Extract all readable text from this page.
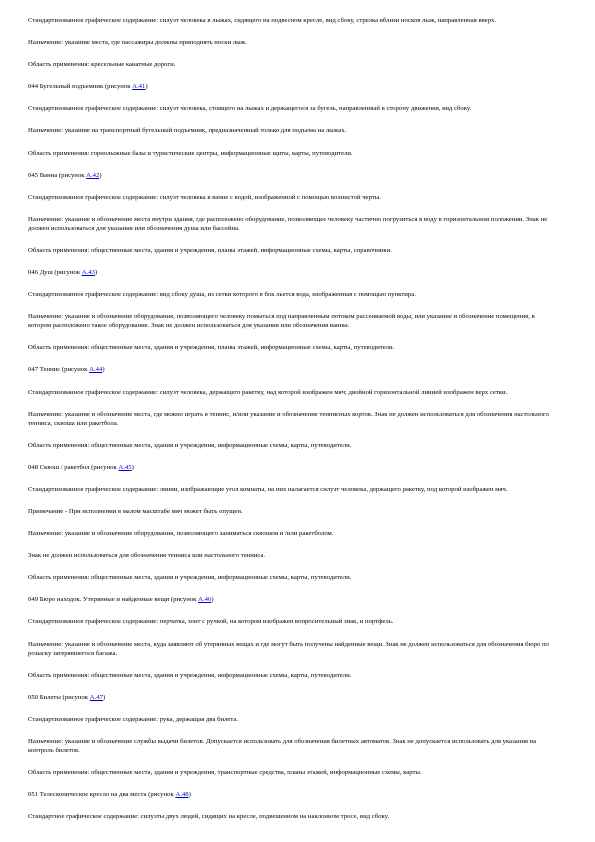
Стандартизованное графическое содержание: силуэт человека в лыжах, сидящего на подвесном кресле, вид сбоку, стрелка вблизи носков лыж, направленная вверх.

Назначение: указание места, где пассажиры должны приподнять носки лыж.

Область применения: кресельные канатные дороги.

044 Бугельный подъемник (рисунок А.41)

Стандартизованное графическое содержание: силуэт человека, стоящего на лыжах и держащегося за бугель, направленный в сторону движения, вид сбоку.

Назначение: указание на транспортный бугельный подъемник, предназначенный только для подъема на лыжах.

Область применения: горнолыжные базы и туристические центры, информационные щиты, карты, путеводители.

045 Ванна (рисунок А.42)

Стандартизованное графическое содержание: силуэт человека в ванне с водой, изображенной с помощью волнистой черты.

Назначение: указание и обозначение места внутри здания, где расположено оборудование, позволяющее человеку частично погрузиться в воду в горизонтальном положении. Знак не должен использоваться для указания или обозначения душа или бассейна.

Область применения: общественные места, здания и учреждения, планы этажей, информационные схемы, карты, справочники.

046 Душ (рисунок А.43)

Стандартизованное графическое содержание: вид сбоку душа, из сетки которого в бок льется вода, изображенная с помощью пунктира.

Назначение: указание и обозначение оборудования, позволяющего человеку помыться под направленным потоком рассеиваемой воды, или указание и обозначение помещения, в котором расположено такое оборудование. Знак не должен использоваться для указания или обозначения ванны.

Область применения: общественные места, здания и учреждения, планы этажей, информационные схемы, карты, путеводители.

047 Теннис (рисунок А.44)

Стандартизованное графическое содержание: силуэт человека, держащего ракетку, над которой изображен мяч; двойной горизонтальной линией изображен верх сетки.

Назначение: указание и обозначение места, где можно играть в теннис, и/или указание и обозначение теннисных кортов. Знак не должен использоваться для обозначения настольного тенниса, сквоша или ракетбола.

Область применения: общественные места, здания и учреждения, информационные схемы, карты, путеводители.

048 Сквош / ракетбол (рисунок А.45)

Стандартизованное графическое содержание: линии, изображающие угол комнаты, на них налагается силуэт человека, держащего ракетку, под которой изображен мяч.

Примечание - При исполнении в малом масштабе мяч может быть опущен.

Назначение: указание и обозначение оборудования, позволяющего заниматься сквошем и /или ракетболом.

Знак не должен использоваться для обозначения тенниса или настольного тенниса.

Область применения: общественные места, здания и учреждения, информационные схемы, карты, путеводители.

049 Бюро находок. Утерянные и найденные вещи (рисунок А.46)

Стандартизованное графическое содержание: перчатка, зонт с ручкой, на котором изображен вопросительный знак, и портфель.

Назначение: указание и обозначение места, куда заявляют об утерянных вещах и где могут быть получены найденные вещи. Знак не должен использоваться для обозначения бюро по розыску затерявшегося багажа.

Область применения: общественные места, здания и учреждения, информационные схемы, карты, путеводители.

050 Билеты (рисунок А.47)

Стандартизованное графическое содержание: рука, держащая два билета.

Назначение: указание и обозначение службы выдачи билетов. Допускается использовать для обозначения билетных автоматов. Знак не допускается использовать для указания на контроль билетов.

Область применения: общественные места, здания и учреждения, транспортные средства, планы этажей, информационные схемы, карты.

051 Телескопическое кресло на два места (рисунок А.48)

Стандартное графическое содержание: силуэты двух людей, сидящих на кресле, подвешенном на наклонном тросе, вид сбоку.
